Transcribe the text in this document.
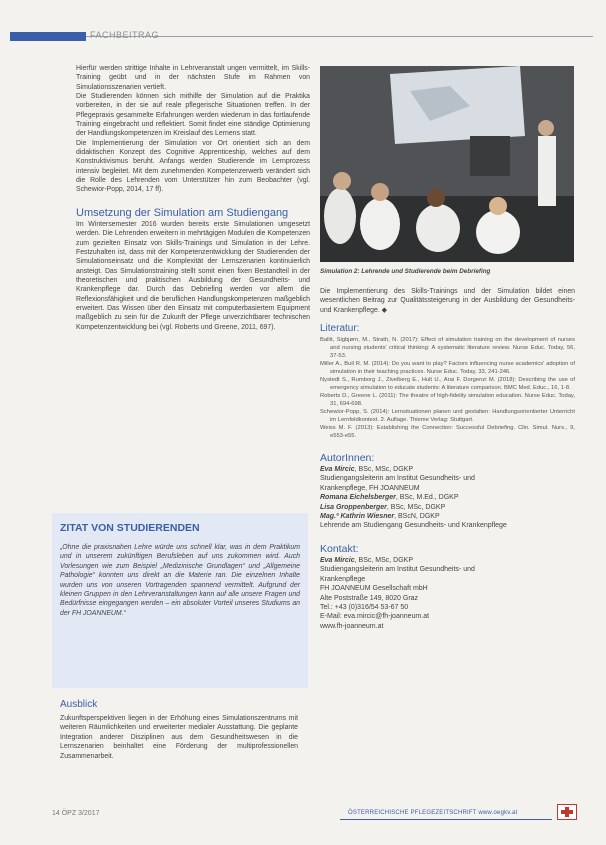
FACHBEITRAG

Hierfür werden strittige Inhalte in Lehrveranstalt ungen vermittelt, im Skills-Training geübt und in der nächsten Stufe im Rahmen von Simulationsszenarien vertieft.

Die Studierenden können sich mithilfe der Simulation auf die Praktika vorbereiten, in der sie auf reale pflegerische Situationen treffen. In der Pflegepraxis gesammelte Erfahrungen werden wiederum in das fortlaufende Training eingebracht und reflektiert. Somit findet eine ständige Optimierung der Handlungskompetenzen im Kreislauf des Lernens statt.

Die Implementierung der Simulation vor Ort orientiert sich an dem didaktischen Konzept des Cognitive Apprenticeship, welches auf dem Konstruktivismus beruht. Anfangs werden Studierende im Lernprozess intensiv begleitet. Mit dem zunehmenden Kompetenzerwerb verändert sich die Rolle des Lehrenden vom Unterstützer hin zum Beobachter (vgl. Schewior-Popp, 2014, 17 ff).

Umsetzung der Simulation am Studiengang

Im Wintersemester 2016 wurden bereits erste Simulationen umgesetzt werden. Die Lehrenden erweitern in mehrtägigen Modulen die Kompetenzen zum gezielten Einsatz von Skills-Trainings und Simulation in der Lehre. Festzuhalten ist, dass mit der Kompetenzentwicklung der Studierenden der Simulationseinsatz und die Komplexität der Lernszenarien kontinuierlich ansteigt. Das Simulationstraining stellt somit einen fixen Bestandteil in der theoretischen und praktischen Ausbildung der Gesundheits- und Krankenpflege dar. Durch das Debriefing werden vor allem die Reflexionsfähigkeit und die beruflichen Handlungskompetenzen maßgeblich erweitert. Das Wissen über den Einsatz mit computerbasiertem Equipment maßgeblich zu sein für die Zukunft der Pflege unverzichtbarer technischen Kompetenzentwicklung bei (vgl. Roberts und Greene, 2011, 697).

ZITAT VON STUDIERENDEN

„Ohne die praxisnahen Lehre würde uns schnell klar, was in dem Praktikum und in unserem zukünftigen Berufsleben auf uns zukommen wird. Auch Vorlesungen wie zum Beispiel „Medizinische Grundlagen“ und „Allgemeine Pathologie“ konnten uns direkt an die Materie ran. Die einzelnen Inhalte wurden uns von unseren Vortragenden spannend vermittelt. Aufgrund der kleinen Gruppen in den Lehrveranstaltungen kann auf alle unsere Fragen und Bedürfnisse eingegangen werden – ein absoluter Vorteil unseres Studiums an der FH JOANNEUM.“

Ausblick

Zukunftsperspektiven liegen in der Erhöhung eines Simulationszentrums mit weiteren Räumlichkeiten und erweiterter medialer Ausstattung. Die geplante Integration anderer Disziplinen aus dem Gesundheitswesen in die Lernszenarien beinhaltet eine Förderung der multiprofessionellen Zusammenarbeit.

Simulation 2: Lehrende und Studierende beim Debriefing

Die Implementierung des Skills-Trainings und der Simulation bildet einen wesentlichen Beitrag zur Qualitätssteigerung in der Ausbildung der Gesundheits- und Krankenpflege. ◆

Literatur:

Ballit, Sigbjørn, M., Strath, N. (2017): Effect of simulation training on the development of nurses and nursing students' critical thinking: A systematic literature review. Nurse Educ. Today, 56, 37-53.

Miller A., Bull R. M. (2014): Do you want to play? Factors influencing nurse academics' adoption of simulation in their teaching practices. Nurse Educ. Today, 33, 241-246.

Nystedt S., Rumborg J., Zivelberg E., Hult U., Arai F. Dorgenzi M. (2018): Describing the use of emergency simulation to educate students: A literature comparison. BMC Med. Educ., 16, 1-8.

Roberts D., Greene L. (2011): The theatre of high-fidelity simulation education. Nurse Educ. Today, 31, 694-698.

Schewior-Popp, S. (2014): Lernsituationen planen und gestalten: Handlungsorientierter Unterricht im Lernfeldkontext. 2. Auflage. Thieme Verlag: Stuttgart.

Weiss M. F. (2013): Establishing the Connection: Successful Debriefing. Clin. Simul. Nurs., 9, e553-e55.

AutorInnen:
Eva Mircic, BSc, MSc, DGKP
Studiengangsleiterin am Institut Gesundheits- und
Krankenpflege, FH JOANNEUM
Romana Eichelsberger, BSc, M.Ed., DGKP
Lisa Groppenberger, BSc, MSc, DGKP
Mag.ª Kathrin Wiesner, BScN, DGKP
Lehrende am Studiengang Gesundheits- und Krankenpflege
Kontakt:
Eva Mircic, BSc, MSc, DGKP
Studiengangsleiterin am Institut Gesundheits- und
Krankenpflege
FH JOANNEUM Gesellschaft mbH
Alte Poststraße 149, 8020 Graz
Tel.: +43 (0)316/54 53-67 50
E-Mail: eva.mircic@fh-joanneum.at
www.fh-joanneum.at
14 ÖPZ 3/2017	ÖSTERREICHISCHE PFLEGEZEITSCHRIFT www.oegkv.at
